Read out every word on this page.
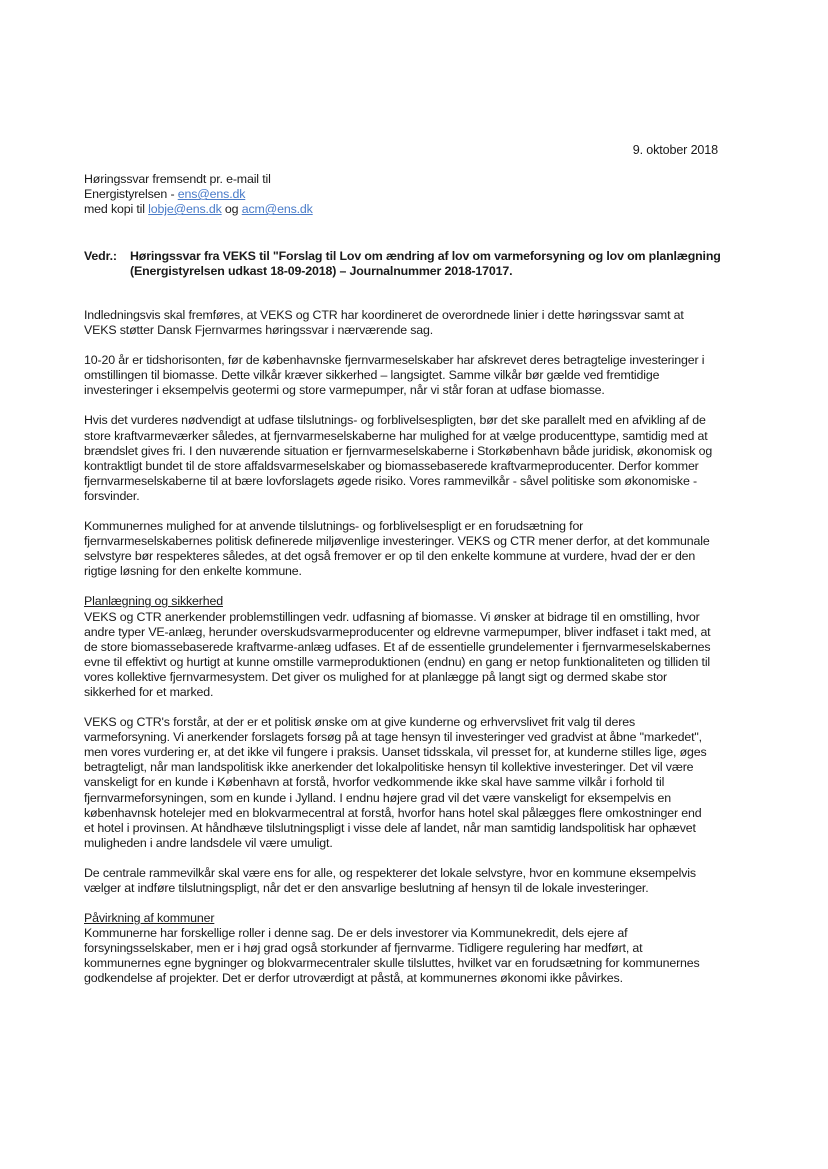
9. oktober 2018
Høringssvar fremsendt pr. e-mail til
Energistyrelsen - ens@ens.dk
med kopi til lobje@ens.dk og acm@ens.dk
Vedr.:	Høringssvar fra VEKS til "Forslag til Lov om ændring af lov om varmeforsyning og lov om planlægning (Energistyrelsen udkast 18-09-2018) – Journalnummer 2018-17017.

Indledningsvis skal fremføres, at VEKS og CTR har koordineret de overordnede linier i dette høringssvar samt at VEKS støtter Dansk Fjernvarmes høringssvar i nærværende sag.

10-20 år er tidshorisonten, før de københavnske fjernvarmeselskaber har afskrevet deres betragtelige investeringer i omstillingen til biomasse. Dette vilkår kræver sikkerhed – langsigtet. Samme vilkår bør gælde ved fremtidige investeringer i eksempelvis geotermi og store varmepumper, når vi står foran at udfase biomasse.

Hvis det vurderes nødvendigt at udfase tilslutnings- og forblivelsespligten, bør det ske parallelt med en afvikling af de store kraftvarmeværker således, at fjernvarmeselskaberne har mulighed for at vælge producenttype, samtidig med at brændslet gives fri. I den nuværende situation er fjernvarmeselskaberne i Storkøbenhavn både juridisk, økonomisk og kontraktligt bundet til de store affaldsvarmeselskaber og biomassebaserede kraftvarmeproducenter. Derfor kommer fjernvarmeselskaberne til at bære lovforslagets øgede risiko. Vores rammevilkår - såvel politiske som økonomiske - forsvinder.

Kommunernes mulighed for at anvende tilslutnings- og forblivelsespligt er en forudsætning for fjernvarmeselskabernes politisk definerede miljøvenlige investeringer. VEKS og CTR mener derfor, at det kommunale selvstyre bør respekteres således, at det også fremover er op til den enkelte kommune at vurdere, hvad der er den rigtige løsning for den enkelte kommune.

Planlægning og sikkerhed

VEKS og CTR anerkender problemstillingen vedr. udfasning af biomasse. Vi ønsker at bidrage til en omstilling, hvor andre typer VE-anlæg, herunder overskudsvarmeproducenter og eldrevne varmepumper, bliver indfaset i takt med, at de store biomassebaserede kraftvarme-anlæg udfases. Et af de essentielle grundelementer i fjernvarmeselskabernes evne til effektivt og hurtigt at kunne omstille varmeproduktionen (endnu) en gang er netop funktionaliteten og tilliden til vores kollektive fjernvarmesystem. Det giver os mulighed for at planlægge på langt sigt og dermed skabe stor sikkerhed for et marked.

VEKS og CTR's forstår, at der er et politisk ønske om at give kunderne og erhvervslivet frit valg til deres varmeforsyning. Vi anerkender forslagets forsøg på at tage hensyn til investeringer ved gradvist at åbne "markedet", men vores vurdering er, at det ikke vil fungere i praksis. Uanset tidsskala, vil presset for, at kunderne stilles lige, øges betragteligt, når man landspolitisk ikke anerkender det lokalpolitiske hensyn til kollektive investeringer. Det vil være vanskeligt for en kunde i København at forstå, hvorfor vedkommende ikke skal have samme vilkår i forhold til fjernvarmeforsyningen, som en kunde i Jylland. I endnu højere grad vil det være vanskeligt for eksempelvis en københavnsk hotelejer med en blokvarmecentral at forstå, hvorfor hans hotel skal pålægges flere omkostninger end et hotel i provinsen. At håndhæve tilslutningspligt i visse dele af landet, når man samtidig landspolitisk har ophævet muligheden i andre landsdele vil være umuligt.

De centrale rammevilkår skal være ens for alle, og respekterer det lokale selvstyre, hvor en kommune eksempelvis vælger at indføre tilslutningspligt, når det er den ansvarlige beslutning af hensyn til de lokale investeringer.

Påvirkning af kommuner

Kommunerne har forskellige roller i denne sag. De er dels investorer via Kommunekredit, dels ejere af forsyningsselskaber, men er i høj grad også storkunder af fjernvarme. Tidligere regulering har medført, at kommunernes egne bygninger og blokvarmecentraler skulle tilsluttes, hvilket var en forudsætning for kommunernes godkendelse af projekter. Det er derfor utroværdigt at påstå, at kommunernes økonomi ikke påvirkes.
